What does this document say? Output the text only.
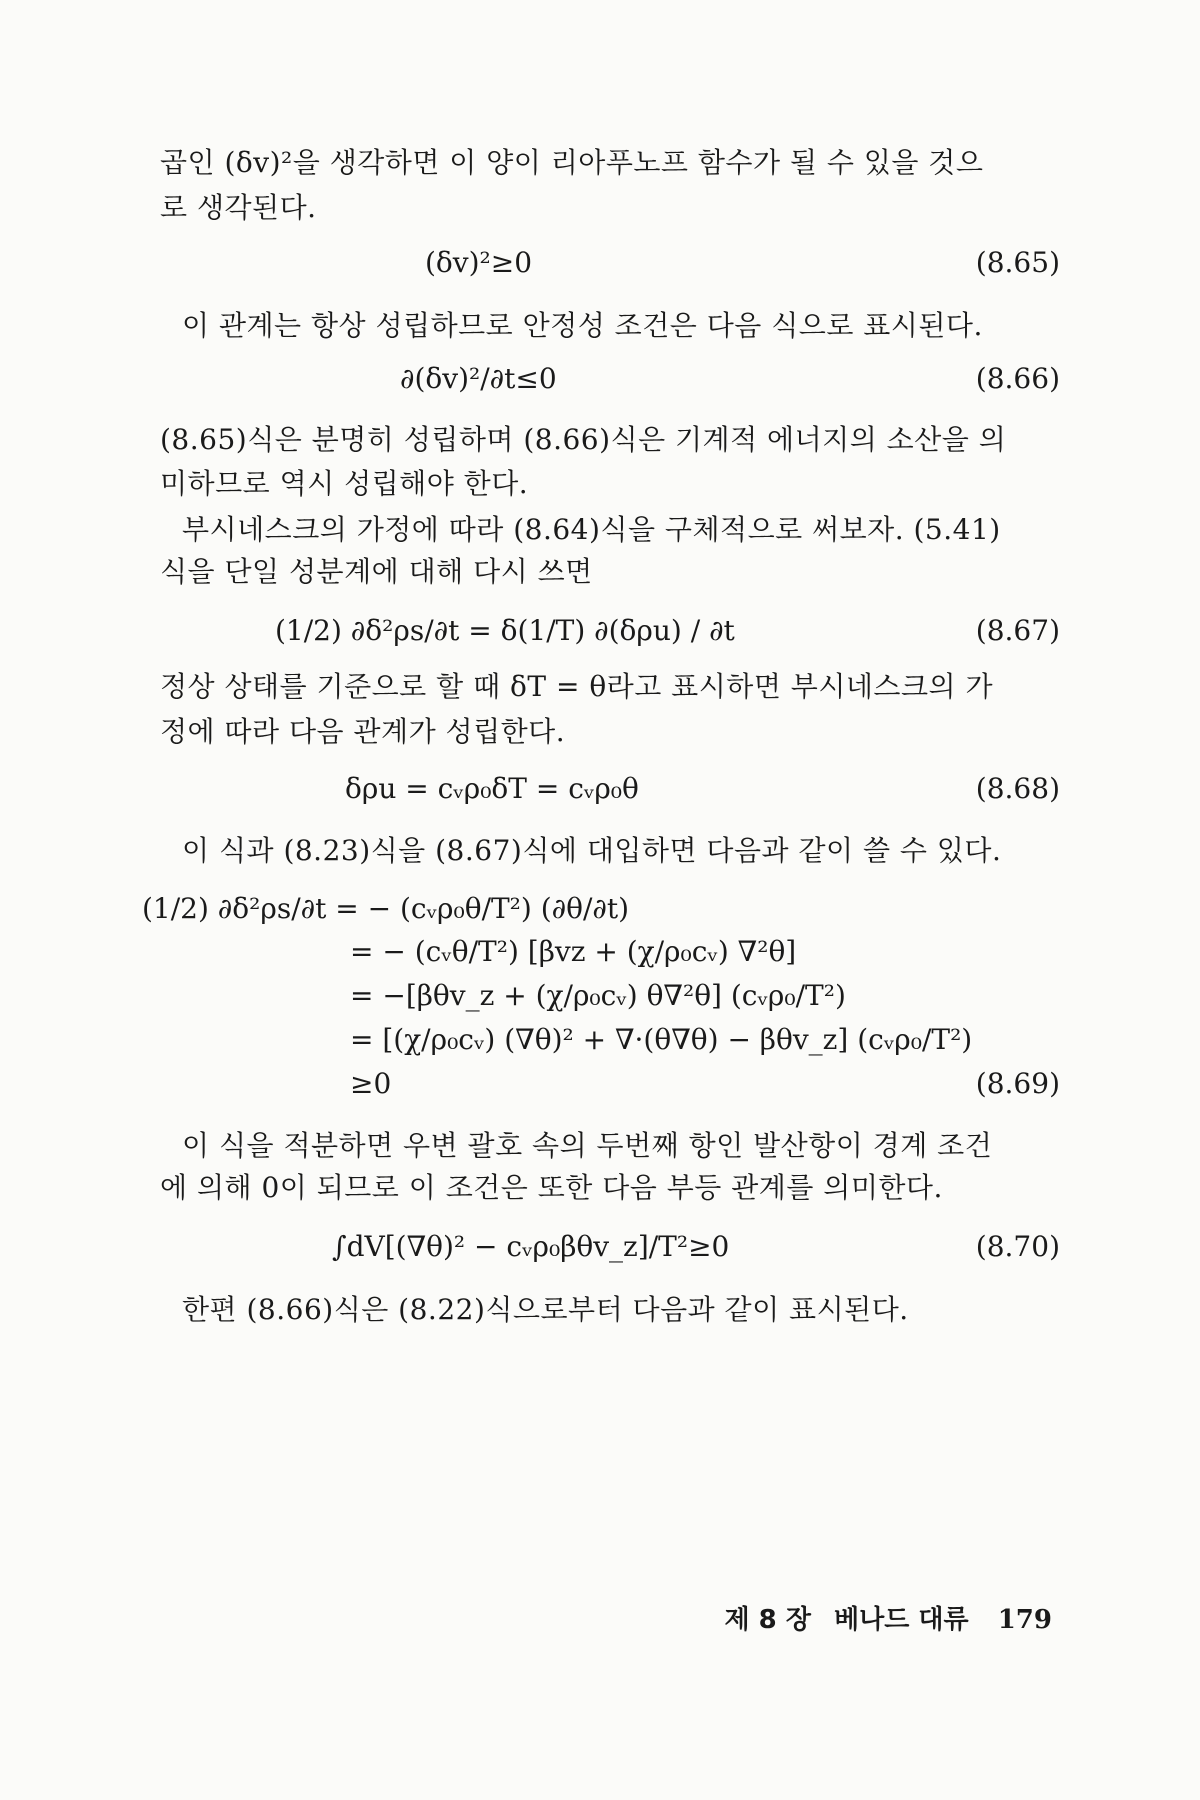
곱인 (δv)²을 생각하면 이 양이 리아푸노프 함수가 될 수 있을 것으
로 생각된다.
(δv)²≥0	(8.65)
이 관계는 항상 성립하므로 안정성 조건은 다음 식으로 표시된다.
∂(δv)²/∂t≤0	(8.66)
(8.65)식은 분명히 성립하며 (8.66)식은 기계적 에너지의 소산을 의
미하므로 역시 성립해야 한다.
부시네스크의 가정에 따라 (8.64)식을 구체적으로 써보자. (5.41)
식을 단일 성분계에 대해 다시 쓰면
(1/2) ∂δ²ρs/∂t = δ(1/T) ∂(δρu) / ∂t	(8.67)
정상 상태를 기준으로 할 때 δT = θ라고 표시하면 부시네스크의 가
정에 따라 다음 관계가 성립한다.
δρu = cᵥρ₀δT = cᵥρ₀θ	(8.68)
이 식과 (8.23)식을 (8.67)식에 대입하면 다음과 같이 쓸 수 있다.
(1/2) ∂δ²ρs/∂t = − (cᵥρ₀θ/T²) (∂θ/∂t)
= − (cᵥθ/T²) [βvz + (χ/ρ₀cᵥ) ∇²θ]
= −[βθv_z + (χ/ρ₀cᵥ) θ∇²θ] (cᵥρ₀/T²)
= [(χ/ρ₀cᵥ) (∇θ)² + ∇·(θ∇θ) − βθv_z] (cᵥρ₀/T²)
≥0	(8.69)
이 식을 적분하면 우변 괄호 속의 두번째 항인 발산항이 경계 조건
에 의해 0이 되므로 이 조건은 또한 다음 부등 관계를 의미한다.
∫dV[(∇θ)² − cᵥρ₀βθv_z]/T²≥0	(8.70)
한편 (8.66)식은 (8.22)식으로부터 다음과 같이 표시된다.
제 8 장 베나드 대류 179
